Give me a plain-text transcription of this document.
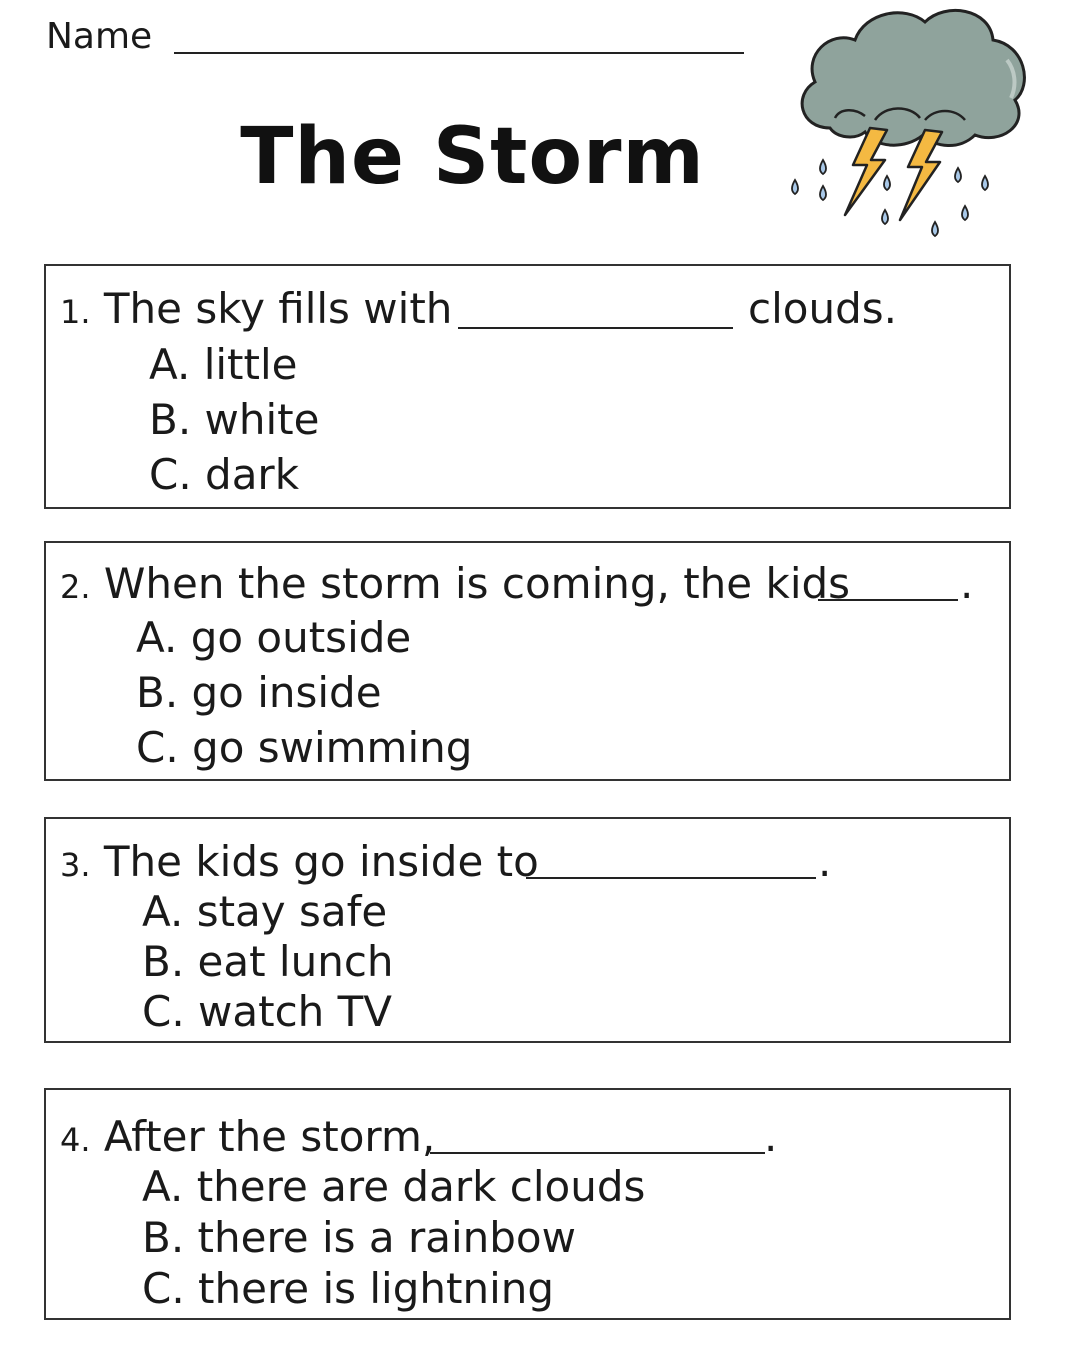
Name
The Storm
1. The sky fills with	clouds.
A. little
B. white
C. dark
2. When the storm is coming, the kids	.
A. go outside
B. go inside
C. go swimming
3. The kids go inside to	.
A. stay safe
B. eat lunch
C. watch TV
4. After the storm,	.
A. there are dark clouds
B. there is a rainbow
C. there is lightning
